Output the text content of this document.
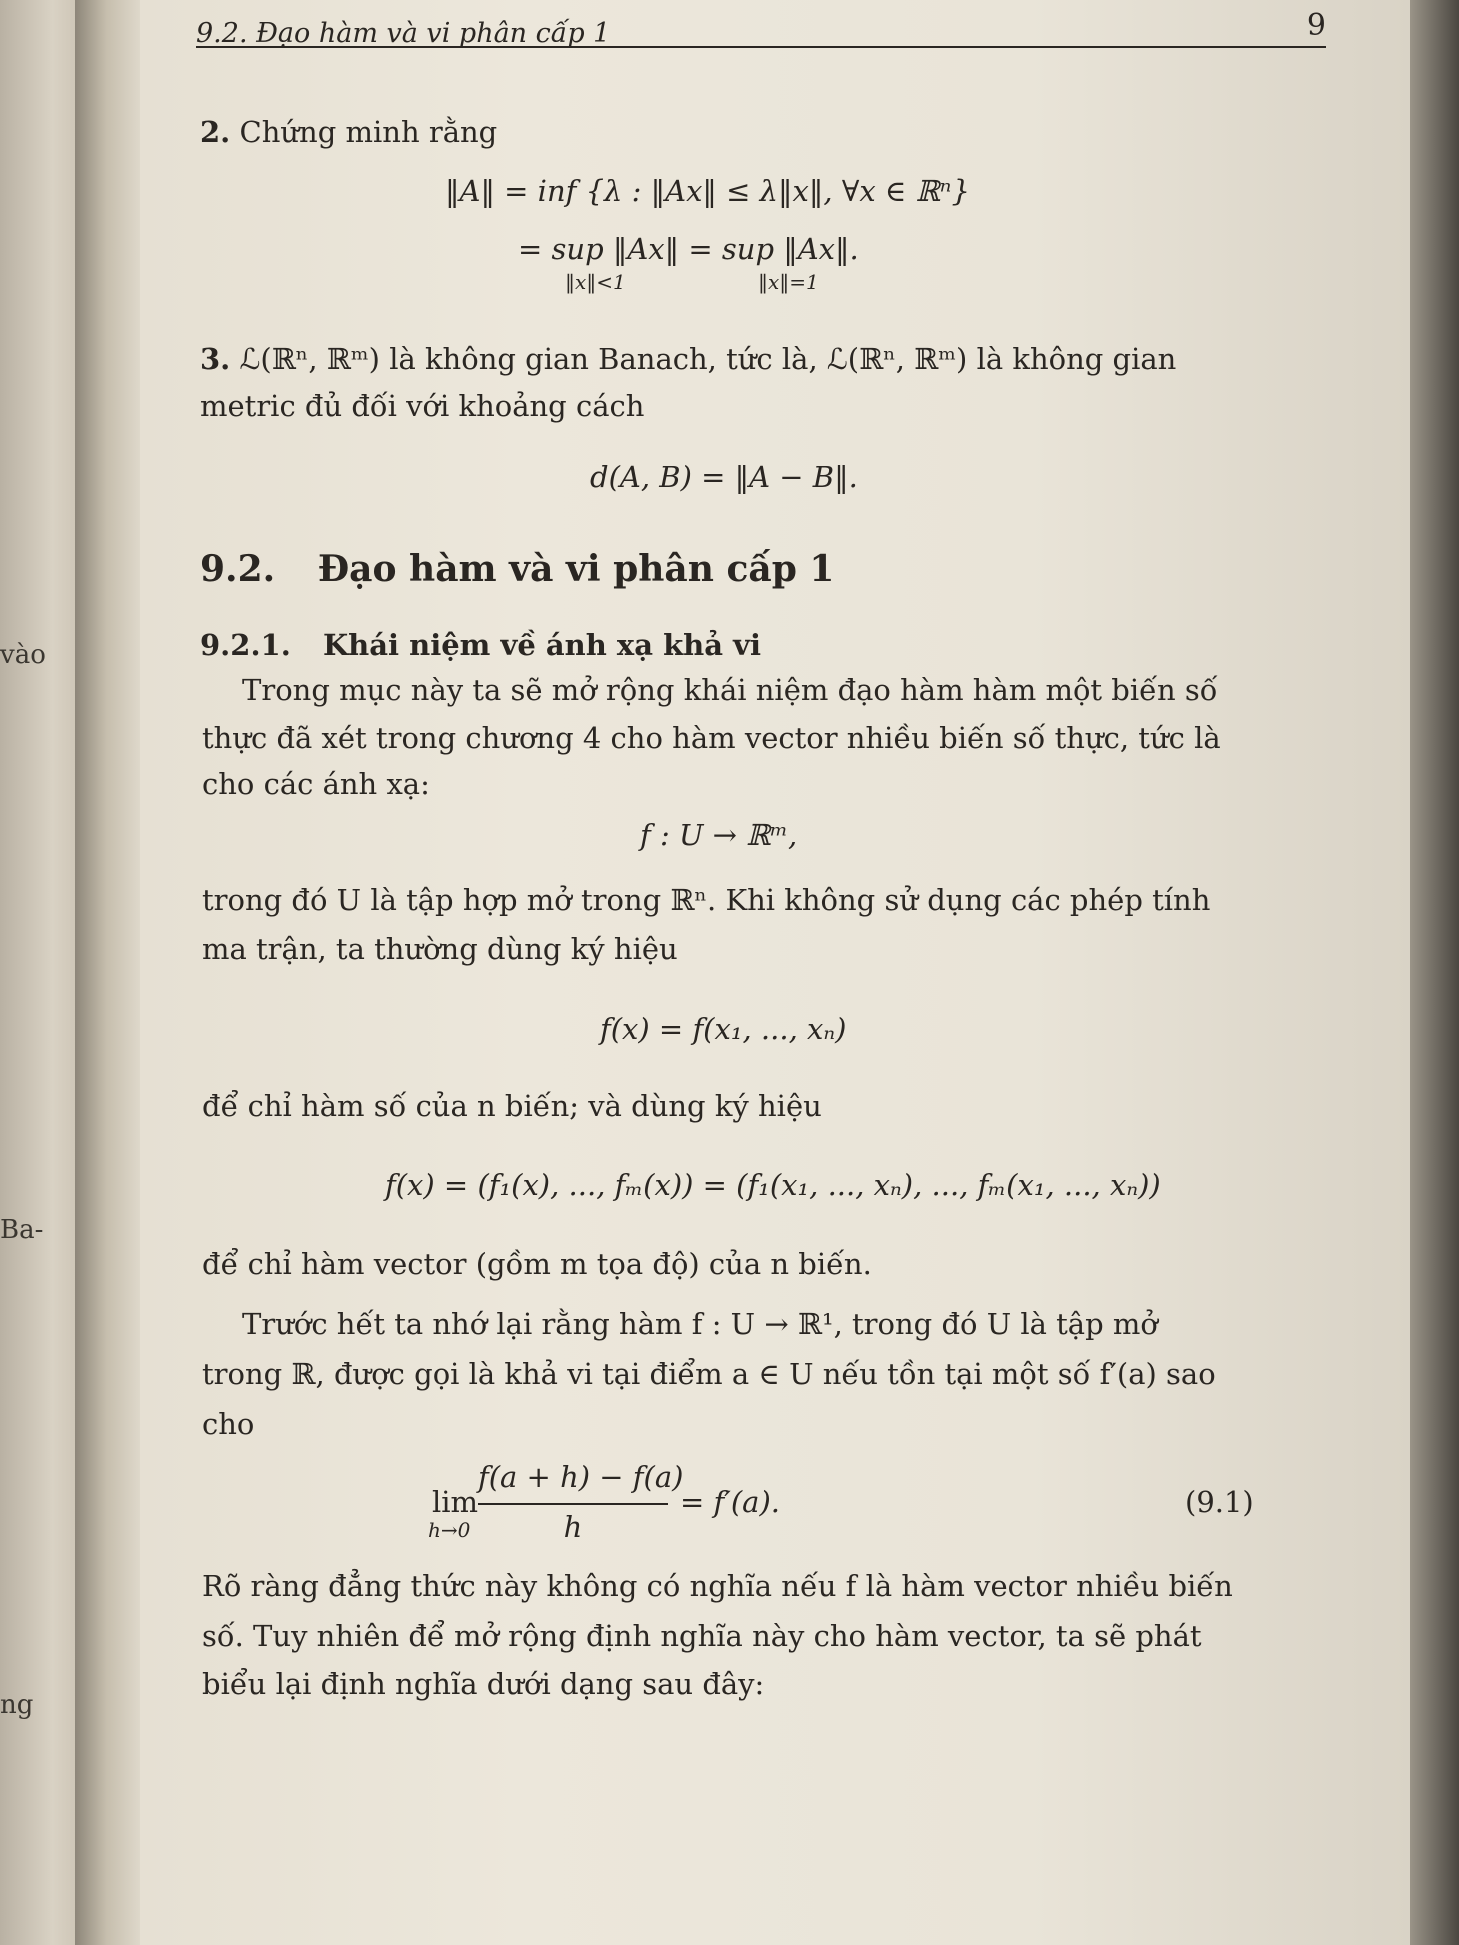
vào
Ba-
ng
9.2. Đạo hàm và vi phân cấp 1	9
2. Chứng minh rằng
‖A‖ = inf {λ : ‖Ax‖ ≤ λ‖x‖, ∀x ∈ ℝⁿ}
= sup ‖Ax‖ = sup ‖Ax‖.
‖x‖<1	‖x‖=1
3. ℒ(ℝⁿ, ℝᵐ) là không gian Banach, tức là, ℒ(ℝⁿ, ℝᵐ) là không gian
metric đủ đối với khoảng cách
d(A, B) = ‖A − B‖.
9.2. Đạo hàm và vi phân cấp 1
9.2.1. Khái niệm về ánh xạ khả vi
Trong mục này ta sẽ mở rộng khái niệm đạo hàm hàm một biến số
thực đã xét trong chương 4 cho hàm vector nhiều biến số thực, tức là
cho các ánh xạ:
f : U → ℝᵐ,
trong đó U là tập hợp mở trong ℝⁿ. Khi không sử dụng các phép tính
ma trận, ta thường dùng ký hiệu
f(x) = f(x₁, ..., xₙ)
để chỉ hàm số của n biến; và dùng ký hiệu
f(x) = (f₁(x), ..., fₘ(x)) = (f₁(x₁, ..., xₙ), ..., fₘ(x₁, ..., xₙ))
để chỉ hàm vector (gồm m tọa độ) của n biến.
Trước hết ta nhớ lại rằng hàm f : U → ℝ¹, trong đó U là tập mở
trong ℝ, được gọi là khả vi tại điểm a ∈ U nếu tồn tại một số f′(a) sao
cho
lim
h→0
f(a + h) − f(a)
h
= f′(a).	(9.1)
Rõ ràng đẳng thức này không có nghĩa nếu f là hàm vector nhiều biến
số. Tuy nhiên để mở rộng định nghĩa này cho hàm vector, ta sẽ phát
biểu lại định nghĩa dưới dạng sau đây:
